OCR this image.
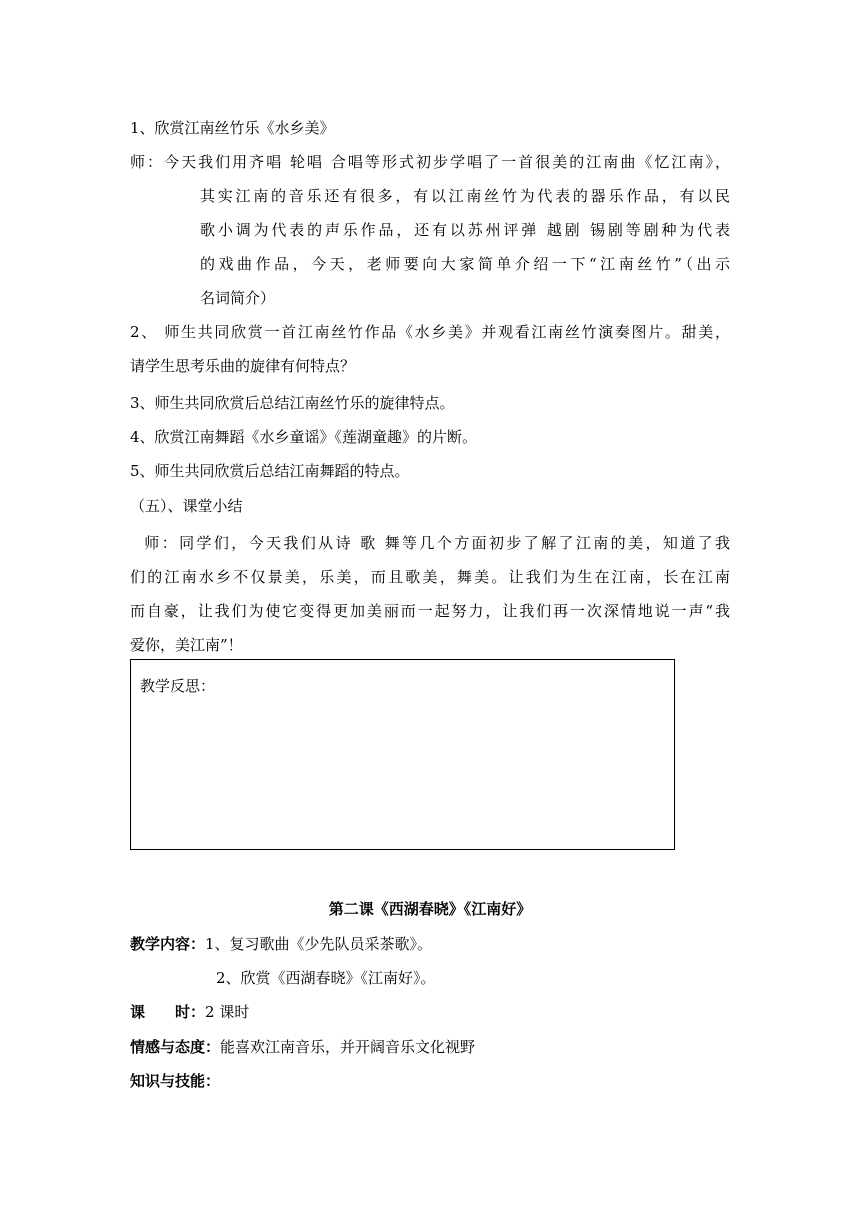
1、欣赏江南丝竹乐《水乡美》
师：今天我们用齐唱 轮唱 合唱等形式初步学唱了一首很美的江南曲《忆江南》，
其实江南的音乐还有很多，有以江南丝竹为代表的器乐作品，有以民
歌小调为代表的声乐作品，还有以苏州评弹 越剧 锡剧等剧种为代表
的戏曲作品，今天，老师要向大家简单介绍一下“江南丝竹”（出示
名词简介）
2、 师生共同欣赏一首江南丝竹作品《水乡美》并观看江南丝竹演奏图片。甜美，
请学生思考乐曲的旋律有何特点？
3、师生共同欣赏后总结江南丝竹乐的旋律特点。
4、欣赏江南舞蹈《水乡童谣》《莲湖童趣》的片断。
5、师生共同欣赏后总结江南舞蹈的特点。
（五）、课堂小结
师：同学们，今天我们从诗 歌 舞等几个方面初步了解了江南的美，知道了我
们的江南水乡不仅景美，乐美，而且歌美，舞美。让我们为生在江南，长在江南
而自豪，让我们为使它变得更加美丽而一起努力，让我们再一次深情地说一声“我
爱你，美江南”！
教学反思：
第二课《西湖春晓》《江南好》
教学内容：1、复习歌曲《少先队员采茶歌》。
2、欣赏《西湖春晓》《江南好》。
课　　时：2 课时
情感与态度：能喜欢江南音乐，并开阔音乐文化视野
知识与技能：
